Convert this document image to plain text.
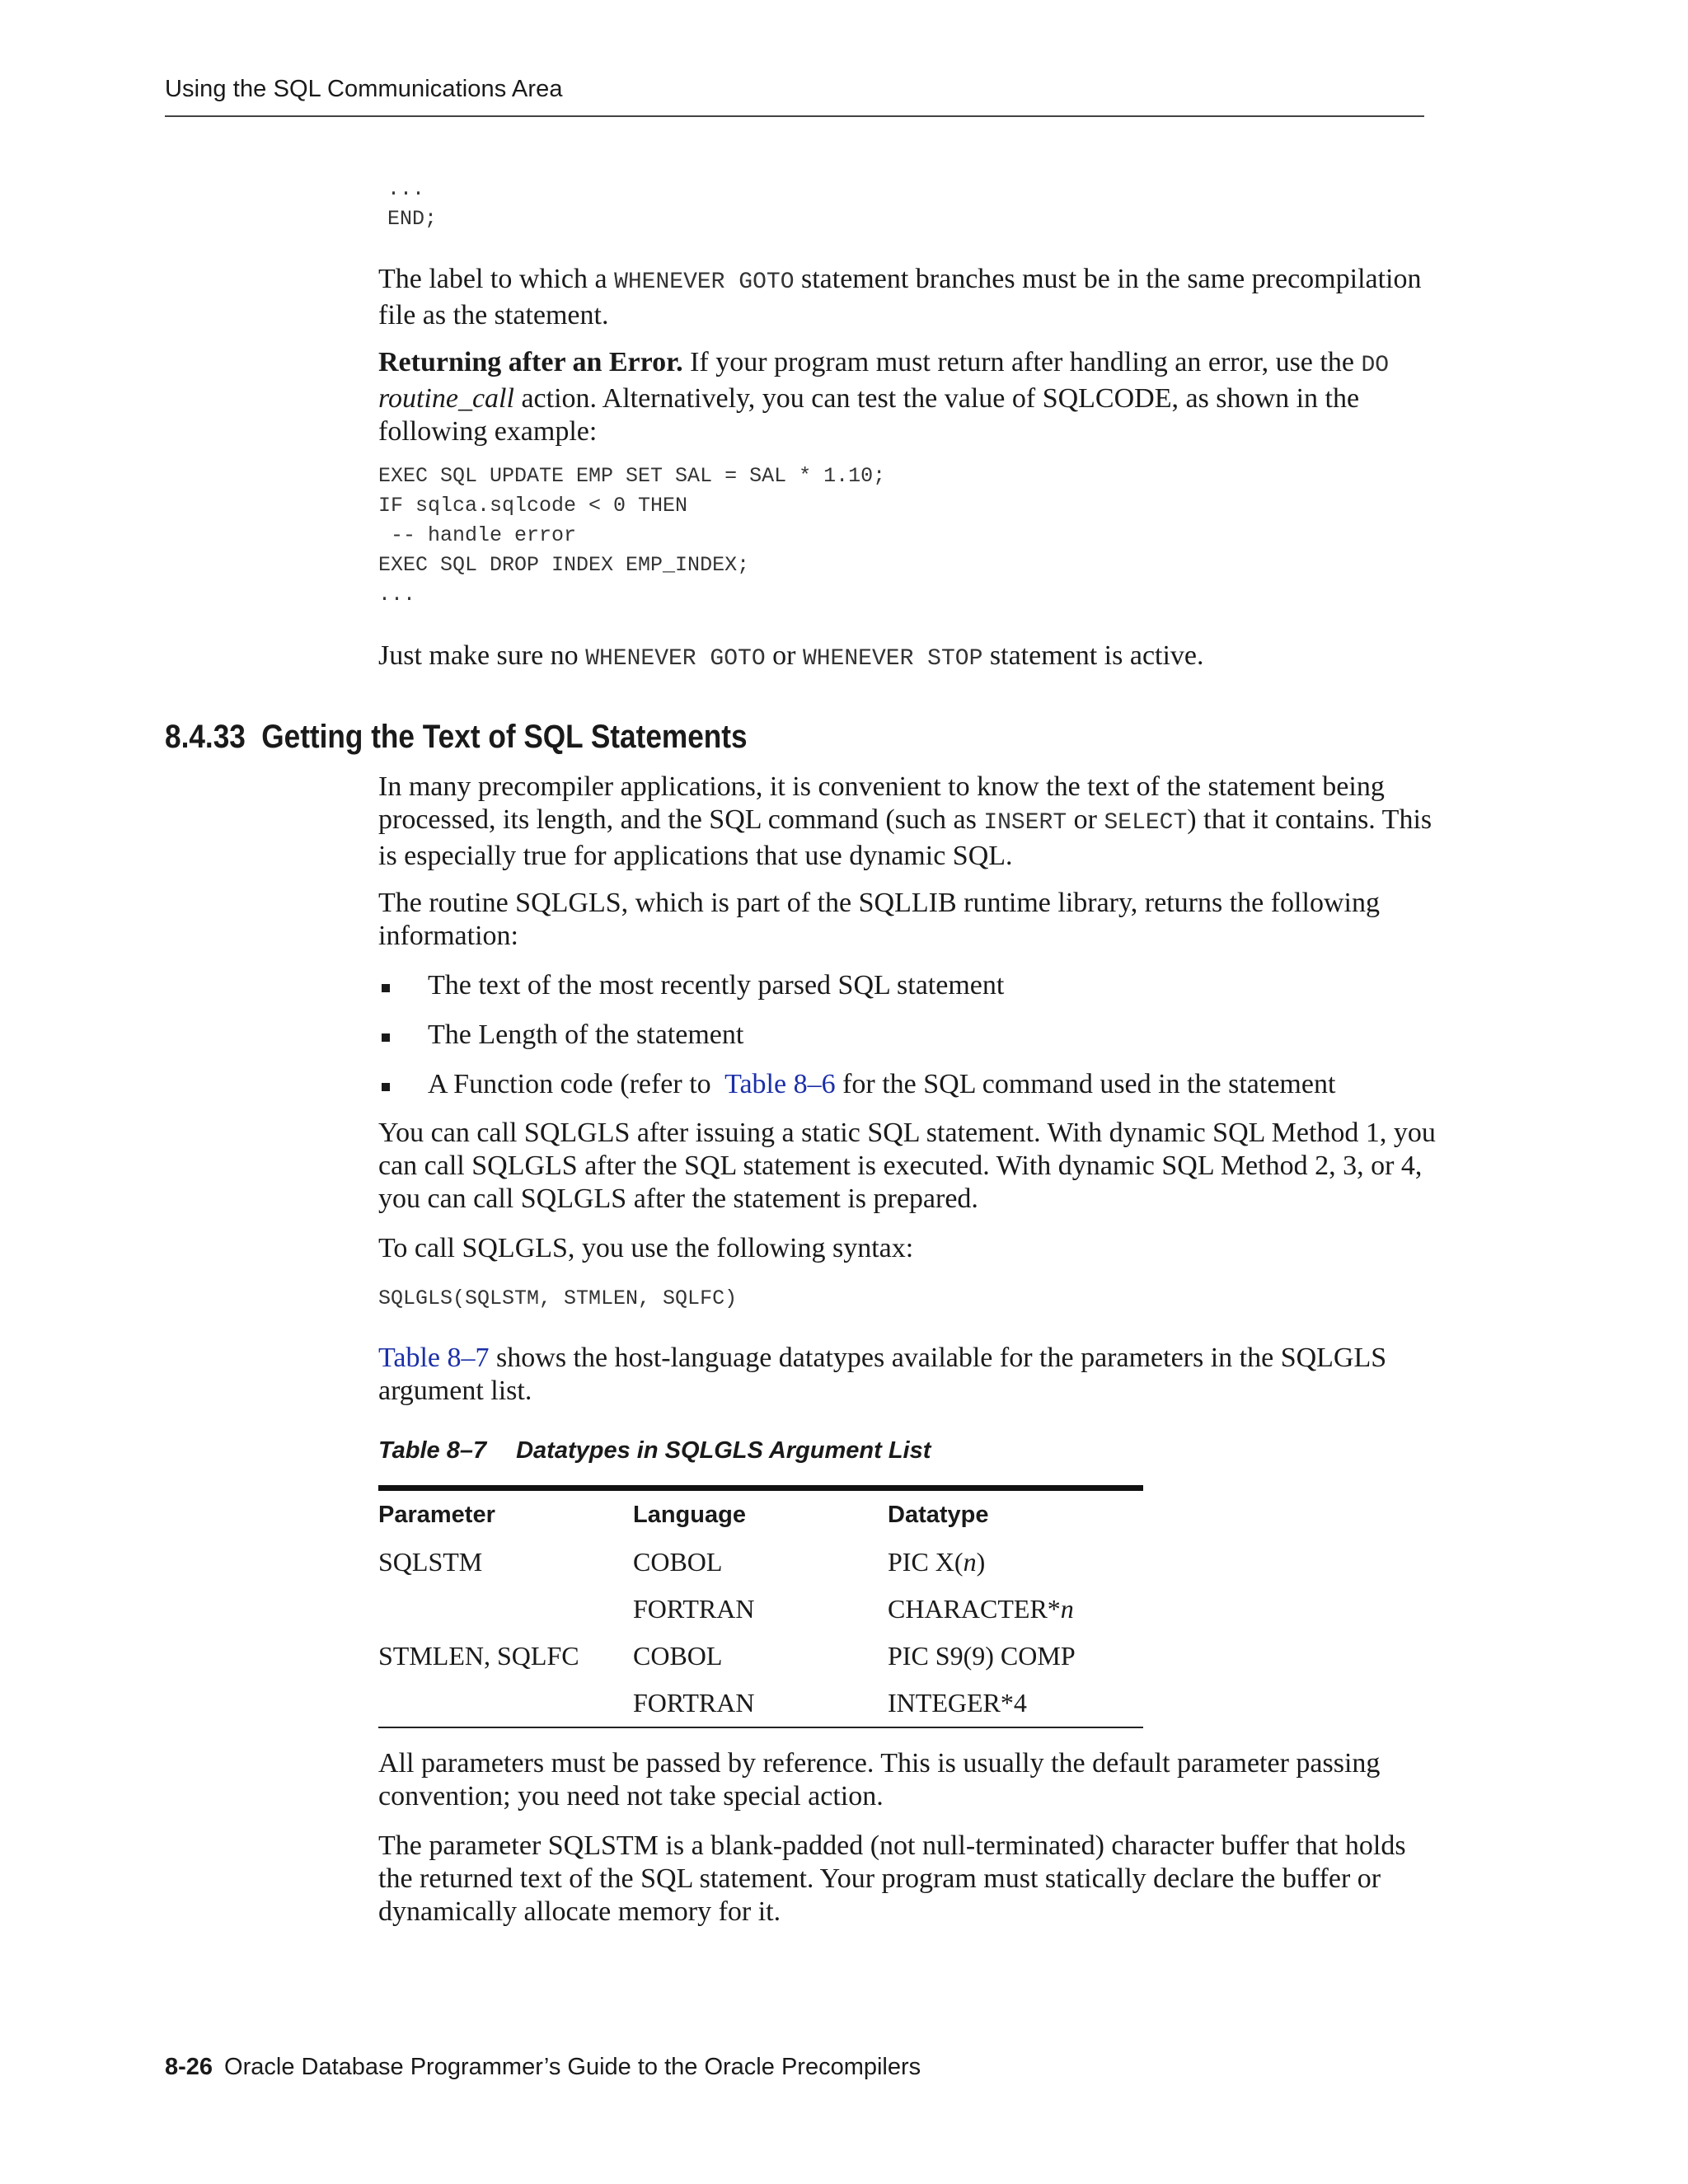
Using the SQL Communications Area
...
END;

The label to which a WHENEVER GOTO statement branches must be in the same precompilation file as the statement.

Returning after an Error. If your program must return after handling an error, use the DO routine_call action. Alternatively, you can test the value of SQLCODE, as shown in the following example:

EXEC SQL UPDATE EMP SET SAL = SAL * 1.10;
IF sqlca.sqlcode < 0 THEN
-- handle error
EXEC SQL DROP INDEX EMP_INDEX;
...

Just make sure no WHENEVER GOTO or WHENEVER STOP statement is active.

8.4.33 Getting the Text of SQL Statements

In many precompiler applications, it is convenient to know the text of the statement being processed, its length, and the SQL command (such as INSERT or SELECT) that it contains. This is especially true for applications that use dynamic SQL.

The routine SQLGLS, which is part of the SQLLIB runtime library, returns the following information:

The text of the most recently parsed SQL statement
The Length of the statement
A Function code (refer to  Table 8–6 for the SQL command used in the statement

You can call SQLGLS after issuing a static SQL statement. With dynamic SQL Method 1, you can call SQLGLS after the SQL statement is executed. With dynamic SQL Method 2, 3, or 4, you can call SQLGLS after the statement is prepared.

To call SQLGLS, you use the following syntax:

SQLGLS(SQLSTM, STMLEN, SQLFC)

Table 8–7 shows the host-language datatypes available for the parameters in the SQLGLS argument list.

Table 8–7 Datatypes in SQLGLS Argument List
Parameter	Language	Datatype
SQLSTM	COBOL	PIC X(n)
	FORTRAN	CHARACTER*n
STMLEN, SQLFC	COBOL	PIC S9(9) COMP
	FORTRAN	INTEGER*4

All parameters must be passed by reference. This is usually the default parameter passing convention; you need not take special action.

The parameter SQLSTM is a blank-padded (not null-terminated) character buffer that holds the returned text of the SQL statement. Your program must statically declare the buffer or dynamically allocate memory for it.

8-26 Oracle Database Programmer’s Guide to the Oracle Precompilers
